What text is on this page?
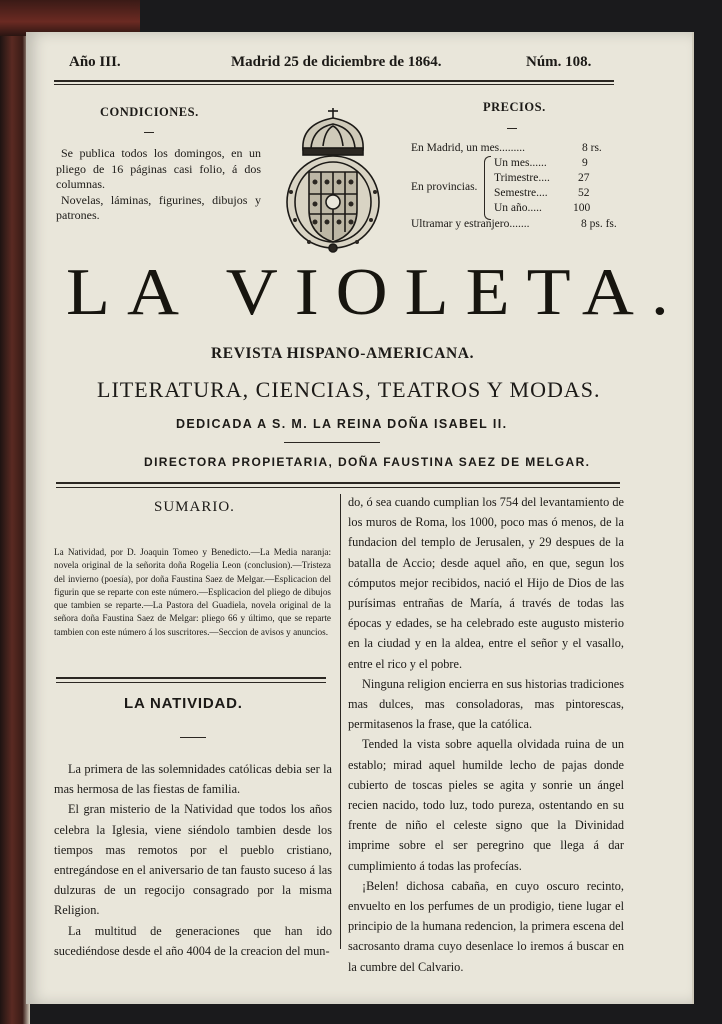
Año III.	Madrid 25 de diciembre de 1864.	Núm. 108.
CONDICIONES.
Se publica todos los domingos, en un pliego de 16 páginas casi folio, á dos columnas.
Novelas, láminas, figurines, dibujos y patrones.
PRECIOS.
En Madrid, un mes.........	8 rs.
En provincias.
Un mes......	9
Trimestre.... 27
Semestre....	52
Un año.....	100
Ultramar y estranjero.......	8 ps. fs.
LA VIOLETA.
REVISTA HISPANO-AMERICANA.
LITERATURA, CIENCIAS, TEATROS Y MODAS.
DEDICADA A S. M. LA REINA DOÑA ISABEL II.
DIRECTORA PROPIETARIA, DOÑA FAUSTINA SAEZ DE MELGAR.
SUMARIO.

La Natividad, por D. Joaquin Tomeo y Benedicto.—La Media naranja: novela original de la señorita doña Rogelia Leon (conclusion).—Tristeza del invierno (poesía), por doña Faustina Saez de Melgar.—Esplicacion del figurin que se reparte con este número.—Esplicacion del pliego de dibujos que tambien se reparte.—La Pastora del Guadiela, novela original de la señora doña Faustina Saez de Melgar: pliego 66 y último, que se reparte tambien con este número á los suscritores.—Seccion de avisos y anuncios.

LA NATIVIDAD.

La primera de las solemnidades católicas debia ser la mas hermosa de las fiestas de familia.

El gran misterio de la Natividad que todos los años celebra la Iglesia, viene siéndolo tambien desde los tiempos mas remotos por el pueblo cristiano, entregándose en el aniversario de tan fausto suceso á las dulzuras de un regocijo consagrado por la misma Religion.

La multitud de generaciones que han ido sucediéndose desde el año 4004 de la creacion del mun-

do, ó sea cuando cumplian los 754 del levantamiento de los muros de Roma, los 1000, poco mas ó menos, de la fundacion del templo de Jerusalen, y 29 despues de la batalla de Accio; desde aquel año, en que, segun los cómputos mejor recibidos, nació el Hijo de Dios de las purísimas entrañas de María, á través de todas las épocas y edades, se ha celebrado este augusto misterio en la ciudad y en la aldea, entre el señor y el vasallo, entre el rico y el pobre.

Ninguna religion encierra en sus historias tradiciones mas dulces, mas consoladoras, mas pintorescas, permitasenos la frase, que la católica.

Tended la vista sobre aquella olvidada ruina de un establo; mirad aquel humilde lecho de pajas donde cubierto de toscas pieles se agita y sonrie un ángel recien nacido, todo luz, todo pureza, ostentando en su frente de niño el celeste signo que la Divinidad imprime sobre el ser peregrino que llega á dar cumplimiento á todas las profecías.

¡Belen! dichosa cabaña, en cuyo oscuro recinto, envuelto en los perfumes de un prodigio, tiene lugar el principio de la humana redencion, la primera escena del sacrosanto drama cuyo desenlace lo iremos á buscar en la cumbre del Calvario.
